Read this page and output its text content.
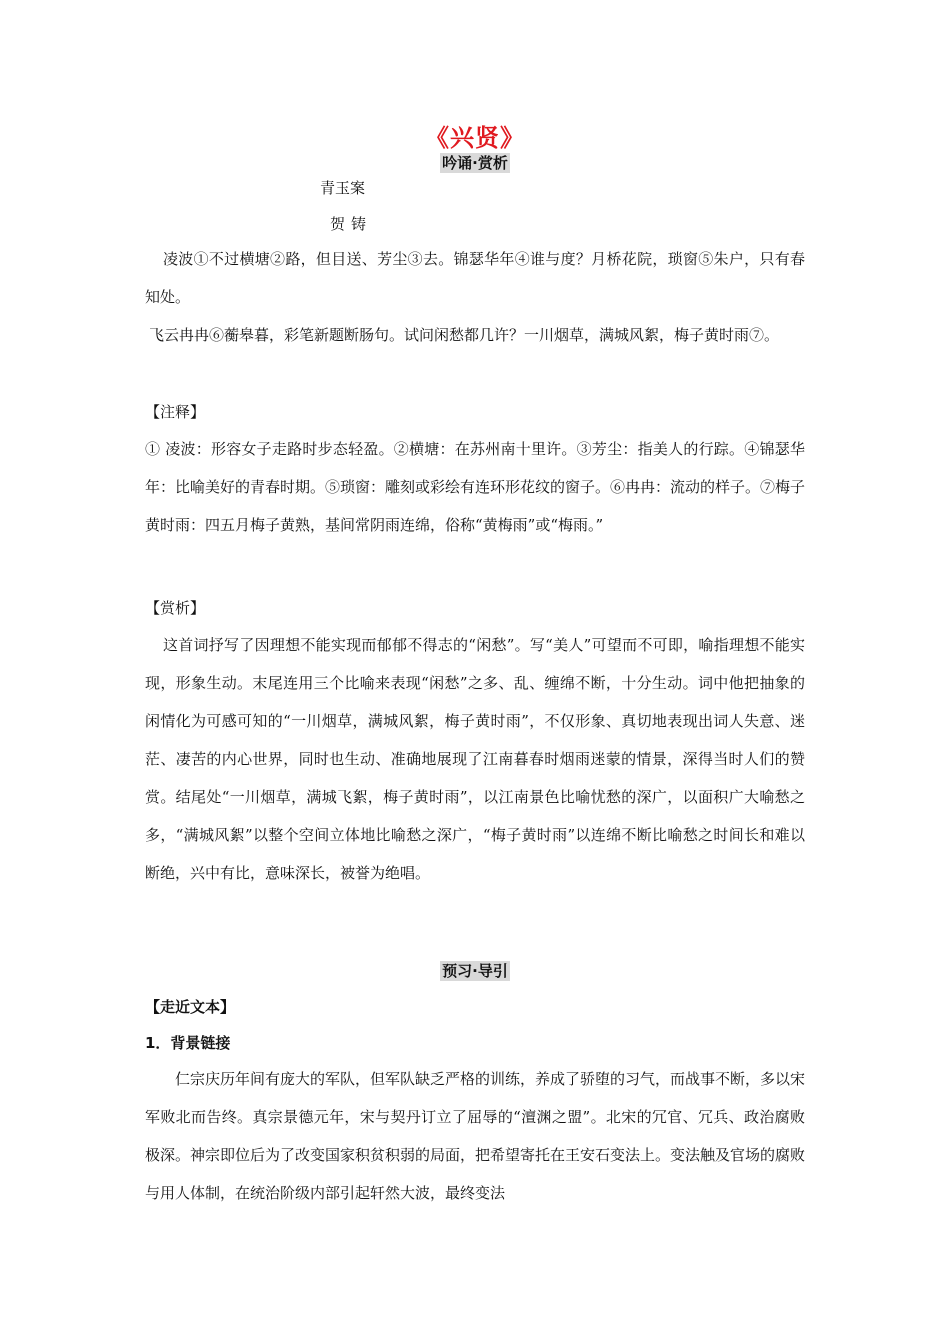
《兴贤》
吟诵·赏析
青玉案
贺铸

凌波①不过横塘②路，但目送、芳尘③去。锦瑟华年④谁与度？月桥花院，琐窗⑤朱户，只有春知处。

飞云冉冉⑥蘅皋暮，彩笔新题断肠句。试问闲愁都几许？一川烟草，满城风絮，梅子黄时雨⑦。

【注释】

① 凌波：形容女子走路时步态轻盈。②横塘：在苏州南十里许。③芳尘：指美人的行踪。④锦瑟华年：比喻美好的青春时期。⑤琐窗：雕刻或彩绘有连环形花纹的窗子。⑥冉冉：流动的样子。⑦梅子黄时雨：四五月梅子黄熟，基间常阴雨连绵，俗称“黄梅雨”或“梅雨。”

【赏析】

这首词抒写了因理想不能实现而郁郁不得志的“闲愁”。写“美人”可望而不可即，喻指理想不能实现，形象生动。末尾连用三个比喻来表现“闲愁”之多、乱、缠绵不断，十分生动。词中他把抽象的闲情化为可感可知的“一川烟草，满城风絮，梅子黄时雨”，不仅形象、真切地表现出词人失意、迷茫、凄苦的内心世界，同时也生动、准确地展现了江南暮春时烟雨迷蒙的情景，深得当时人们的赞赏。结尾处“一川烟草，满城飞絮，梅子黄时雨”，以江南景色比喻忧愁的深广，以面积广大喻愁之多，“满城风絮”以整个空间立体地比喻愁之深广，“梅子黄时雨”以连绵不断比喻愁之时间长和难以断绝，兴中有比，意味深长，被誉为绝唱。

预习·导引
【走近文本】
1．背景链接

仁宗庆历年间有庞大的军队，但军队缺乏严格的训练，养成了骄堕的习气，而战事不断，多以宋军败北而告终。真宗景德元年，宋与契丹订立了屈辱的“澶渊之盟”。北宋的冗官、冗兵、政治腐败极深。神宗即位后为了改变国家积贫积弱的局面，把希望寄托在王安石变法上。变法触及官场的腐败与用人体制，在统治阶级内部引起轩然大波，最终变法
